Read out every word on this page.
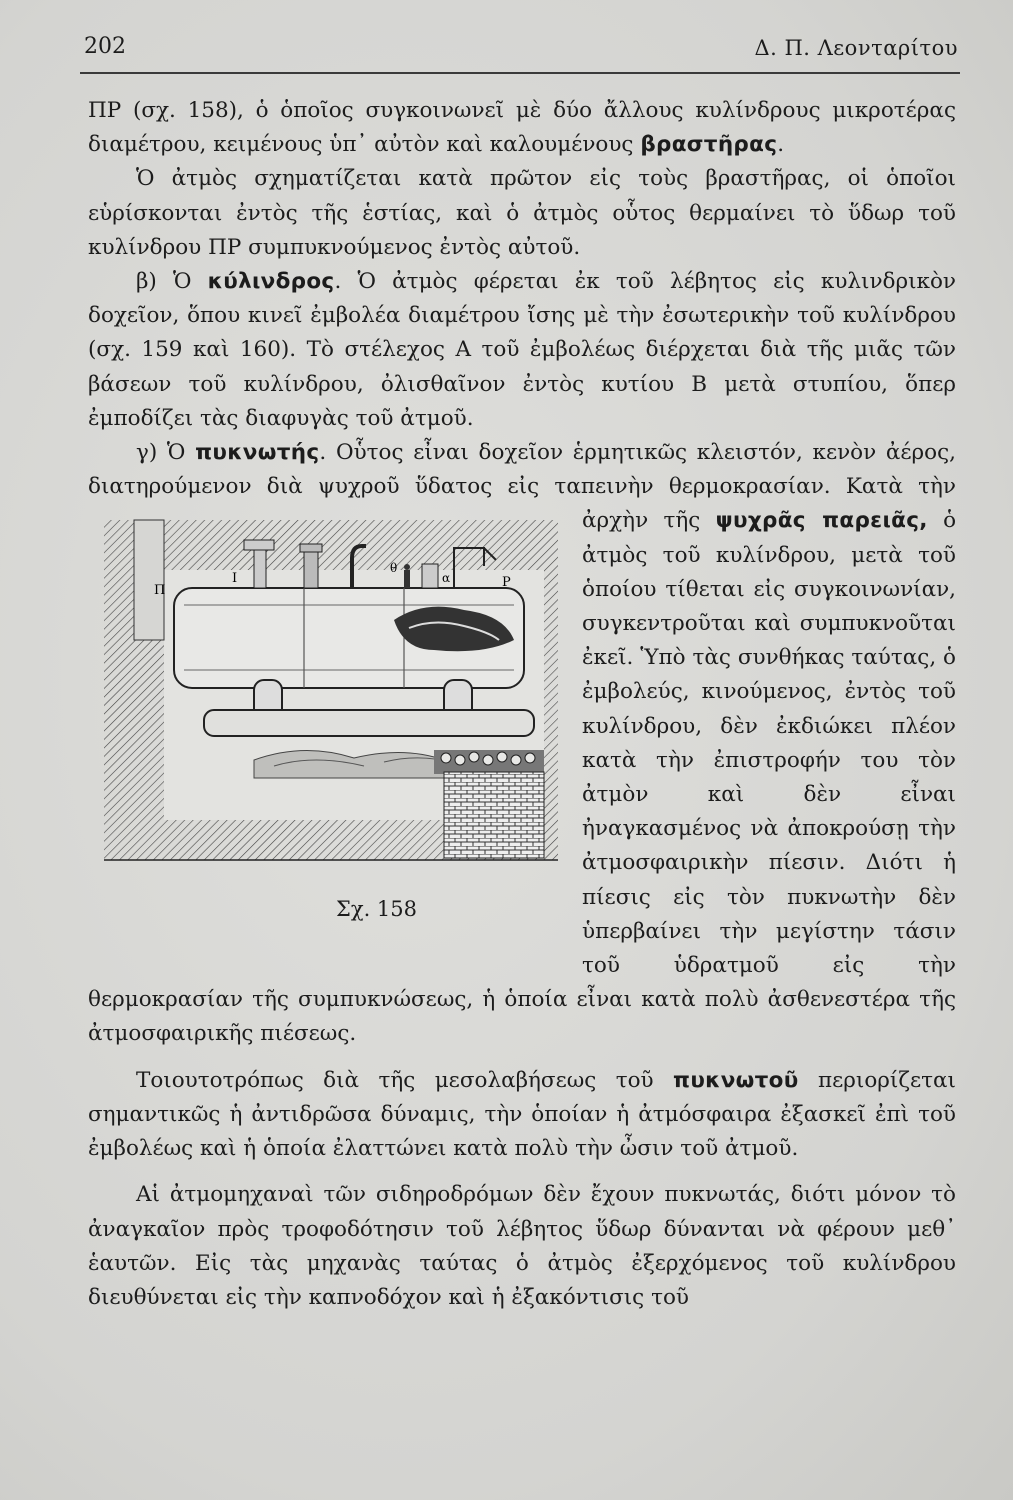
202	Δ. Π. Λεονταρίτου

ΠΡ (σχ. 158), ὁ ὁποῖος συγκοινωνεῖ μὲ δύο ἄλλους κυλίνδρους μικροτέρας διαμέτρου, κειμένους ὑπ᾽ αὐτὸν καὶ καλουμένους βραστῆρας.

Ὁ ἀτμὸς σχηματίζεται κατὰ πρῶτον εἰς τοὺς βραστῆρας, οἱ ὁποῖοι εὑρίσκονται ἐντὸς τῆς ἑστίας, καὶ ὁ ἀτμὸς οὗτος θερμαίνει τὸ ὕδωρ τοῦ κυλίνδρου ΠΡ συμπυκνούμενος ἐντὸς αὐτοῦ.

β) Ὁ κύλινδρος. Ὁ ἀτμὸς φέρεται ἐκ τοῦ λέβητος εἰς κυλινδρικὸν δοχεῖον, ὅπου κινεῖ ἐμβολέα διαμέτρου ἴσης μὲ τὴν ἐσωτερικὴν τοῦ κυλίνδρου (σχ. 159 καὶ 160). Τὸ στέλεχος Α τοῦ ἐμβολέως διέρχεται διὰ τῆς μιᾶς τῶν βάσεων τοῦ κυλίνδρου, ὀλισθαῖνον ἐντὸς κυτίου Β μετὰ στυπίου, ὅπερ ἐμποδίζει τὰς διαφυγὰς τοῦ ἀτμοῦ.

γ) Ὁ πυκνωτής. Οὗτος εἶναι δοχεῖον ἑρμητικῶς κλειστόν, κενὸν ἀέρος, διατηρούμενον διὰ ψυχροῦ ὕδατος εἰς ταπεινὴν θερμοκρασίαν. Κατὰ τὴν ἀρχὴν τῆς
Ι
Π
θ
α	Ρ
Σχ. 158
ψυχρᾶς παρειᾶς, ὁ ἀτμὸς τοῦ κυλίνδρου, μετὰ τοῦ ὁποίου τίθεται εἰς συγκοινωνίαν, συγκεντροῦται καὶ συμπυκνοῦται ἐκεῖ. Ὑπὸ τὰς συνθήκας ταύτας, ὁ ἐμβολεύς, κινούμενος, ἐντὸς τοῦ κυλίνδρου, δὲν ἐκδιώκει πλέον κατὰ τὴν ἐπιστροφήν του τὸν ἀτμὸν καὶ δὲν εἶναι ἠναγκασμένος νὰ ἀποκρούσῃ τὴν ἀτμοσφαιρικὴν πίεσιν. Διότι ἡ πίεσις εἰς τὸν πυκνωτὴν δὲν ὑπερβαίνει τὴν μεγίστην τάσιν τοῦ ὑδρατμοῦ εἰς τὴν θερμοκρασίαν τῆς συμπυκνώσεως, ἡ ὁποία εἶναι κατὰ πολὺ ἀσθενεστέρα τῆς ἀτμοσφαιρικῆς πιέσεως.

Τοιουτοτρόπως διὰ τῆς μεσολαβήσεως τοῦ πυκνωτοῦ περιορίζεται σημαντικῶς ἡ ἀντιδρῶσα δύναμις, τὴν ὁποίαν ἡ ἀτμόσφαιρα ἐξασκεῖ ἐπὶ τοῦ ἐμβολέως καὶ ἡ ὁποία ἐλαττώνει κατὰ πολὺ τὴν ὦσιν τοῦ ἀτμοῦ.

Αἱ ἀτμομηχαναὶ τῶν σιδηροδρόμων δὲν ἔχουν πυκνωτάς, διότι μόνον τὸ ἀναγκαῖον πρὸς τροφοδότησιν τοῦ λέβητος ὕδωρ δύνανται νὰ φέρουν μεθ᾽ ἑαυτῶν. Εἰς τὰς μηχανὰς ταύτας ὁ ἀτμὸς ἐξερχόμενος τοῦ κυλίνδρου διευθύνεται εἰς τὴν καπνοδόχον καὶ ἡ ἐξακόντισις τοῦ
